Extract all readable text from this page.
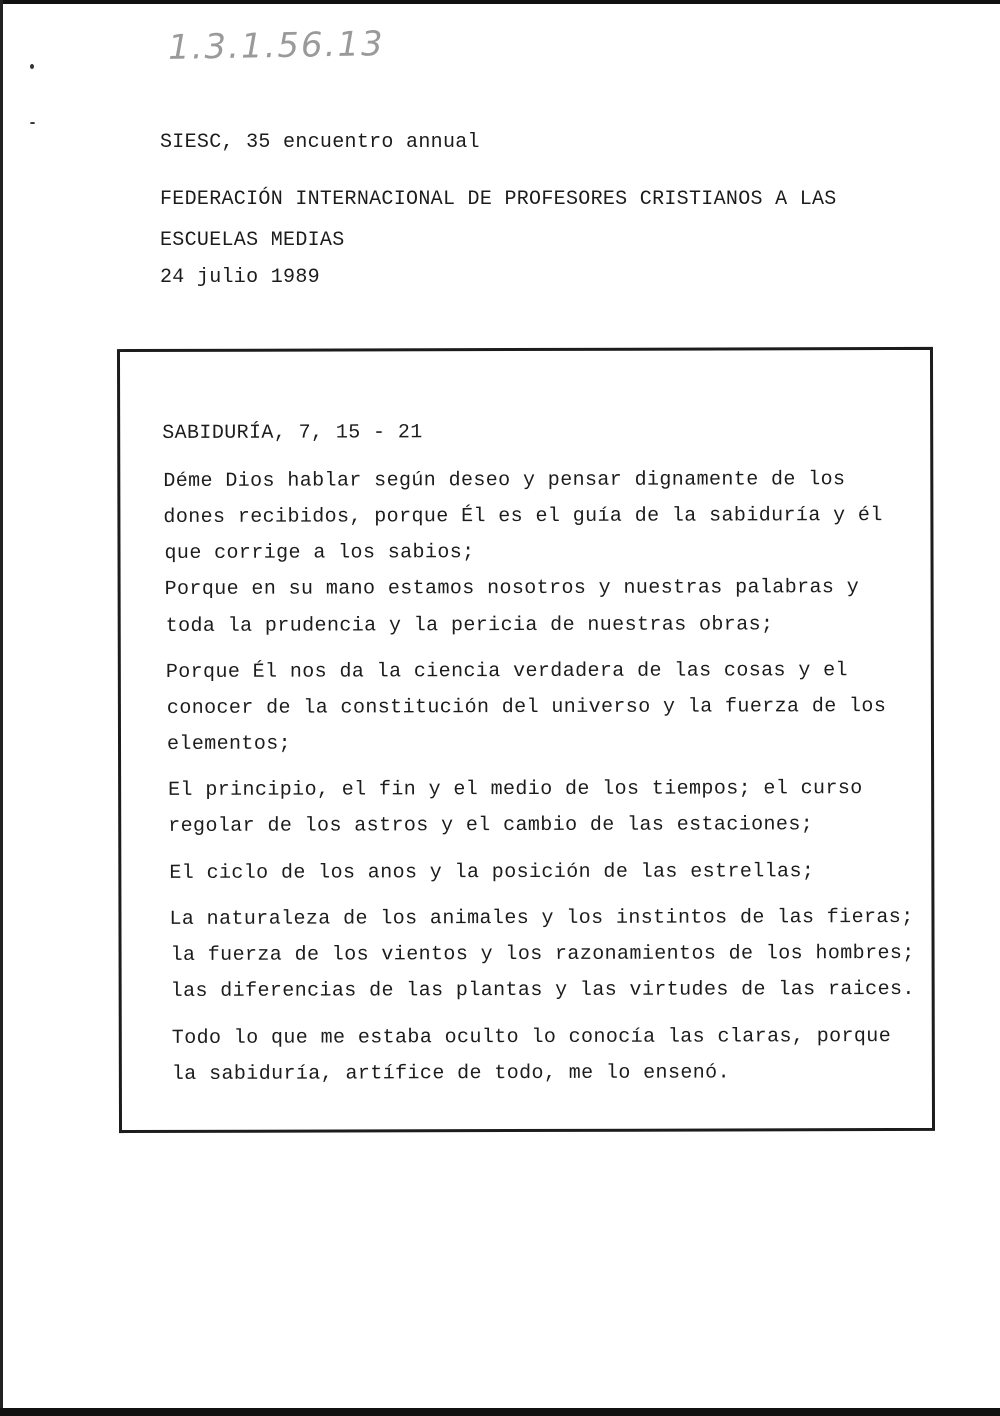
1.3.1.56.13
SIESC, 35 encuentro annual
FEDERACIÓN INTERNACIONAL DE PROFESORES CRISTIANOS A LAS
ESCUELAS MEDIAS
24 julio 1989
SABIDURÍA, 7, 15 - 21
Déme Dios hablar según deseo y pensar dignamente de los
dones recibidos, porque Él es el guía de la sabiduría y él
que corrige a los sabios;
Porque en su mano estamos nosotros y nuestras palabras y
toda la prudencia y la pericia de nuestras obras;
Porque Él nos da la ciencia verdadera de las cosas y el
conocer de la constitución del universo y la fuerza de los
elementos;
El principio, el fin y el medio de los tiempos; el curso
regolar de los astros y el cambio de las estaciones;
El ciclo de los anos y la posición de las estrellas;
La naturaleza de los animales y los instintos de las fieras;
la fuerza de los vientos y los razonamientos de los hombres;
las diferencias de las plantas y las virtudes de las raices.
Todo lo que me estaba oculto lo conocía las claras, porque
la sabiduría, artífice de todo, me lo ensenó.
